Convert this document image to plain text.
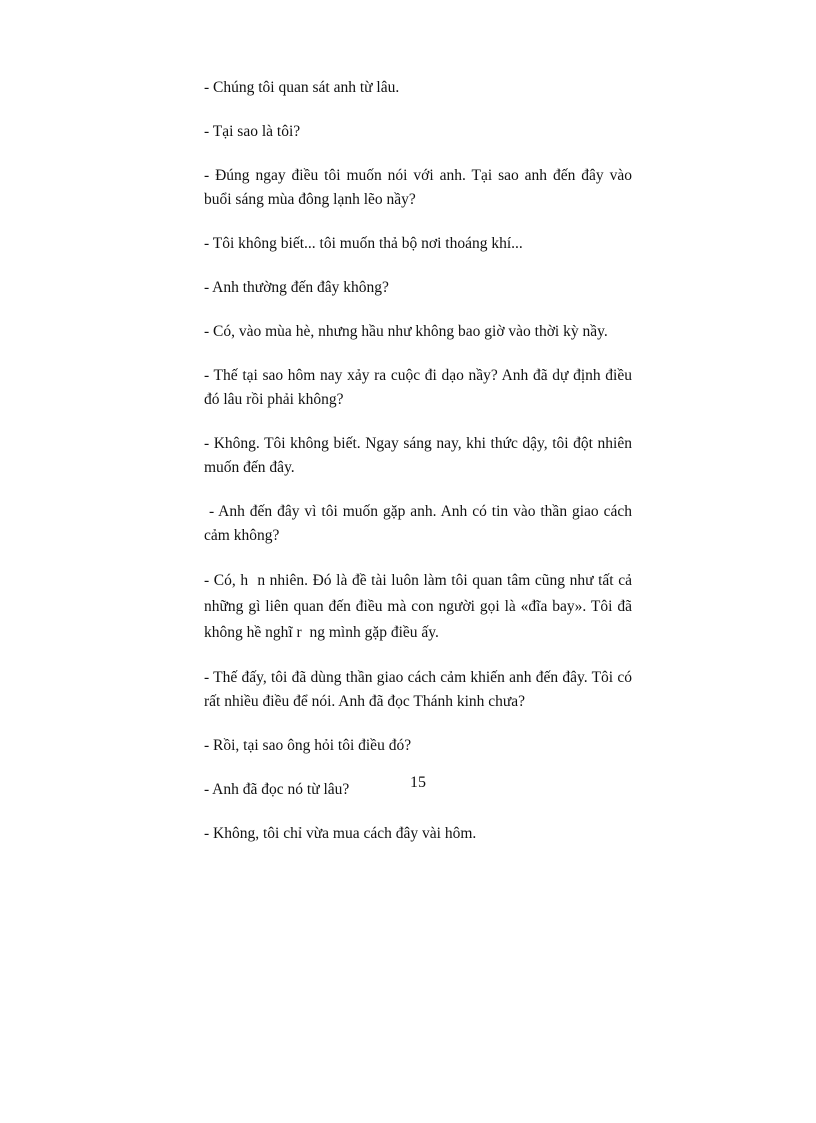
- Chúng tôi quan sát anh từ lâu.

- Tại sao là tôi?

- Đúng ngay điều tôi muốn nói với anh. Tại sao anh đến đây vào buổi sáng mùa đông lạnh lẽo nầy?

- Tôi không biết... tôi muốn thả bộ nơi thoáng khí...

- Anh thường đến đây không?

- Có, vào mùa hè, nhưng hầu như không bao giờ vào thời kỳ nầy.

- Thế tại sao hôm nay xảy ra cuộc đi dạo nầy? Anh đã dự định điều đó lâu rồi phải không?

- Không. Tôi không biết. Ngay sáng nay, khi thức dậy, tôi đột nhiên muốn đến đây.

- Anh đến đây vì tôi muốn gặp anh. Anh có tin vào thần giao cách cảm không?

- Có, h  n nhiên. Đó là đề tài luôn làm tôi quan tâm cũng như tất cả những gì liên quan đến điều mà con người gọi là «đĩa bay». Tôi đã không hề nghĩ r  ng mình gặp điều ấy.

- Thế đấy, tôi đã dùng thần giao cách cảm khiến anh đến đây. Tôi có rất nhiều điều để nói. Anh đã đọc Thánh kinh chưa?

- Rồi, tại sao ông hỏi tôi điều đó?

- Anh đã đọc nó từ lâu?

- Không, tôi chỉ vừa mua cách đây vài hôm.

15
